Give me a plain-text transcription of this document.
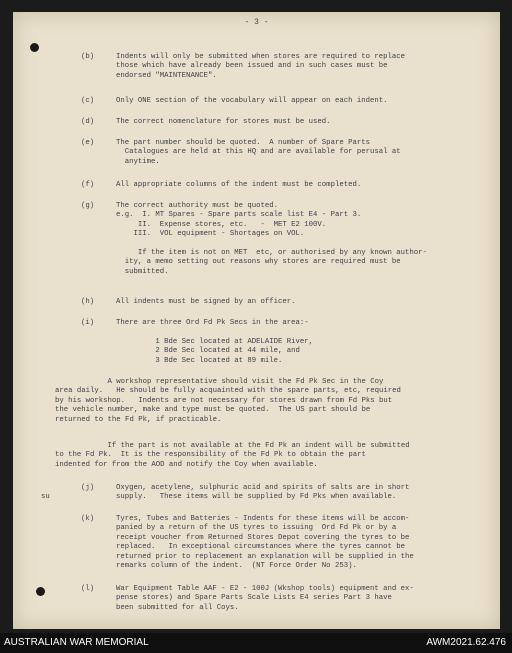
- 3 -
(b)	Indents will only be submitted when stores are required to replace
those which have already been issued and in such cases must be
endorsed "MAINTENANCE".
(c)	Only ONE section of the vocabulary will appear on each indent.
(d)	The correct nomenclature for stores must be used.
(e)	The part number should be quoted.  A number of Spare Parts
Catalogues are held at this HQ and are available for perusal at
anytime.
(f)	All appropriate columns of the indent must be completed.
(g)	The correct authority must be quoted.
e.g.  I. MT Spares - Spare parts scale list E4 - Part 3.
II.  Expense stores, etc.   -  MET E2 100V.
III.  VOL equipment - Shortages on VOL.

If the item is not on MET  etc, or authorised by any known author-
ity, a memo setting out reasons why stores are required must be
submitted.
(h)	All indents must be signed by an officer.
(i)	There are three Ord Fd Pk Secs in the area:-

1 Bde Sec located at ADELAIDE River,
2 Bde Sec located at 44 mile, and
3 Bde Sec located at 89 mile.
A workshop representative should visit the Fd Pk Sec in the Coy
area daily.   He should be fully acquainted with the spare parts, etc, required
by his workshop.   Indents are not necessary for stores drawn from Fd Pks but
the vehicle number, make and type must be quoted.  The US part should be
returned to the Fd Pk, if practicable.
If the part is not available at the Fd Pk an indent will be submitted
to the Fd Pk.  It is the responsibility of the Fd Pk to obtain the part
indented for from the AOD and notify the Coy when available.
(j)
su
Oxygen, acetylene, sulphuric acid and spirits of salts are in short
supply.   These items will be supplied by Fd Pks when available.
(k)	Tyres, Tubes and Batteries - Indents for these items will be accom-
panied by a return of the US tyres to issuing  Ord Fd Pk or by a
receipt voucher from Returned Stores Depot covering the tyres to be
replaced.   In exceptional circumstances where the tyres cannot be
returned prior to replacement an explanation will be supplied in the
remarks column of the indent.  (NT Force Order No 253).
(l)	War Equipment Table AAF - E2 - 100J (Wkshop tools) equipment and ex-
pense stores) and Spare Parts Scale Lists E4 series Part 3 have
been submitted for all Coys.
AUSTRALIAN WAR MEMORIAL	AWM2021.62.476
